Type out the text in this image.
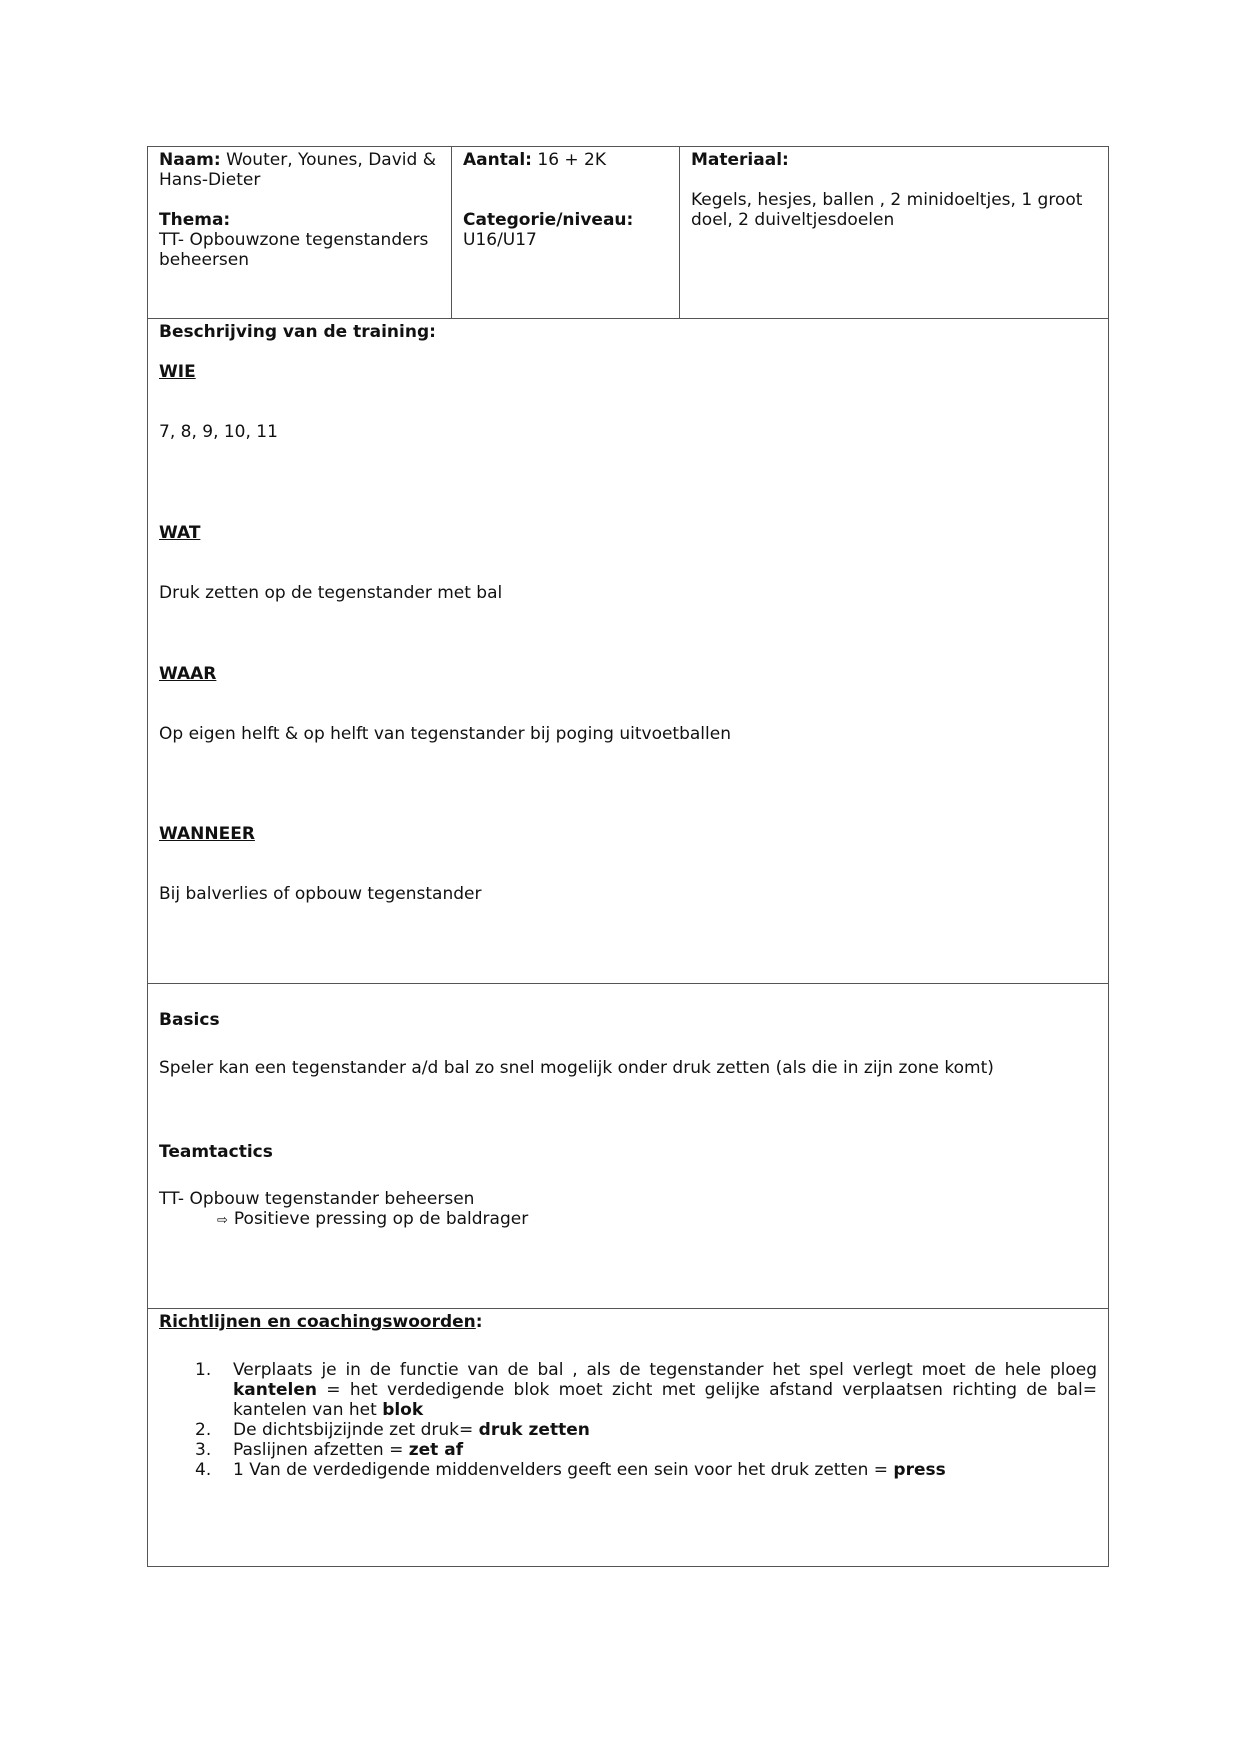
Naam: Wouter, Younes, David & Hans-Dieter
Thema:
TT- Opbouwzone tegenstanders beheersen
Aantal: 16 + 2K
Categorie/niveau:
U16/U17
Materiaal:
Kegels, hesjes, ballen , 2 minidoeltjes, 1 groot doel, 2 duiveltjesdoelen
Beschrijving van de training:
WIE
7, 8, 9, 10, 11
WAT
Druk zetten op de tegenstander met bal
WAAR
Op eigen helft & op helft van tegenstander bij poging uitvoetballen
WANNEER
Bij balverlies of opbouw tegenstander
Basics
Speler kan een tegenstander a/d bal zo snel mogelijk onder druk zetten (als die in zijn zone komt)
Teamtactics
TT- Opbouw tegenstander beheersen
⇨ Positieve pressing op de baldrager
Richtlijnen en coachingswoorden:
1. Verplaats je in de functie van de bal , als de tegenstander het spel verlegt moet de hele ploeg kantelen = het verdedigende blok moet zicht met gelijke afstand verplaatsen richting de bal= kantelen van het blok
2. De dichtsbijzijnde zet druk= druk zetten
3. Paslijnen afzetten = zet af
4. 1 Van de verdedigende middenvelders geeft een sein voor het druk zetten = press
